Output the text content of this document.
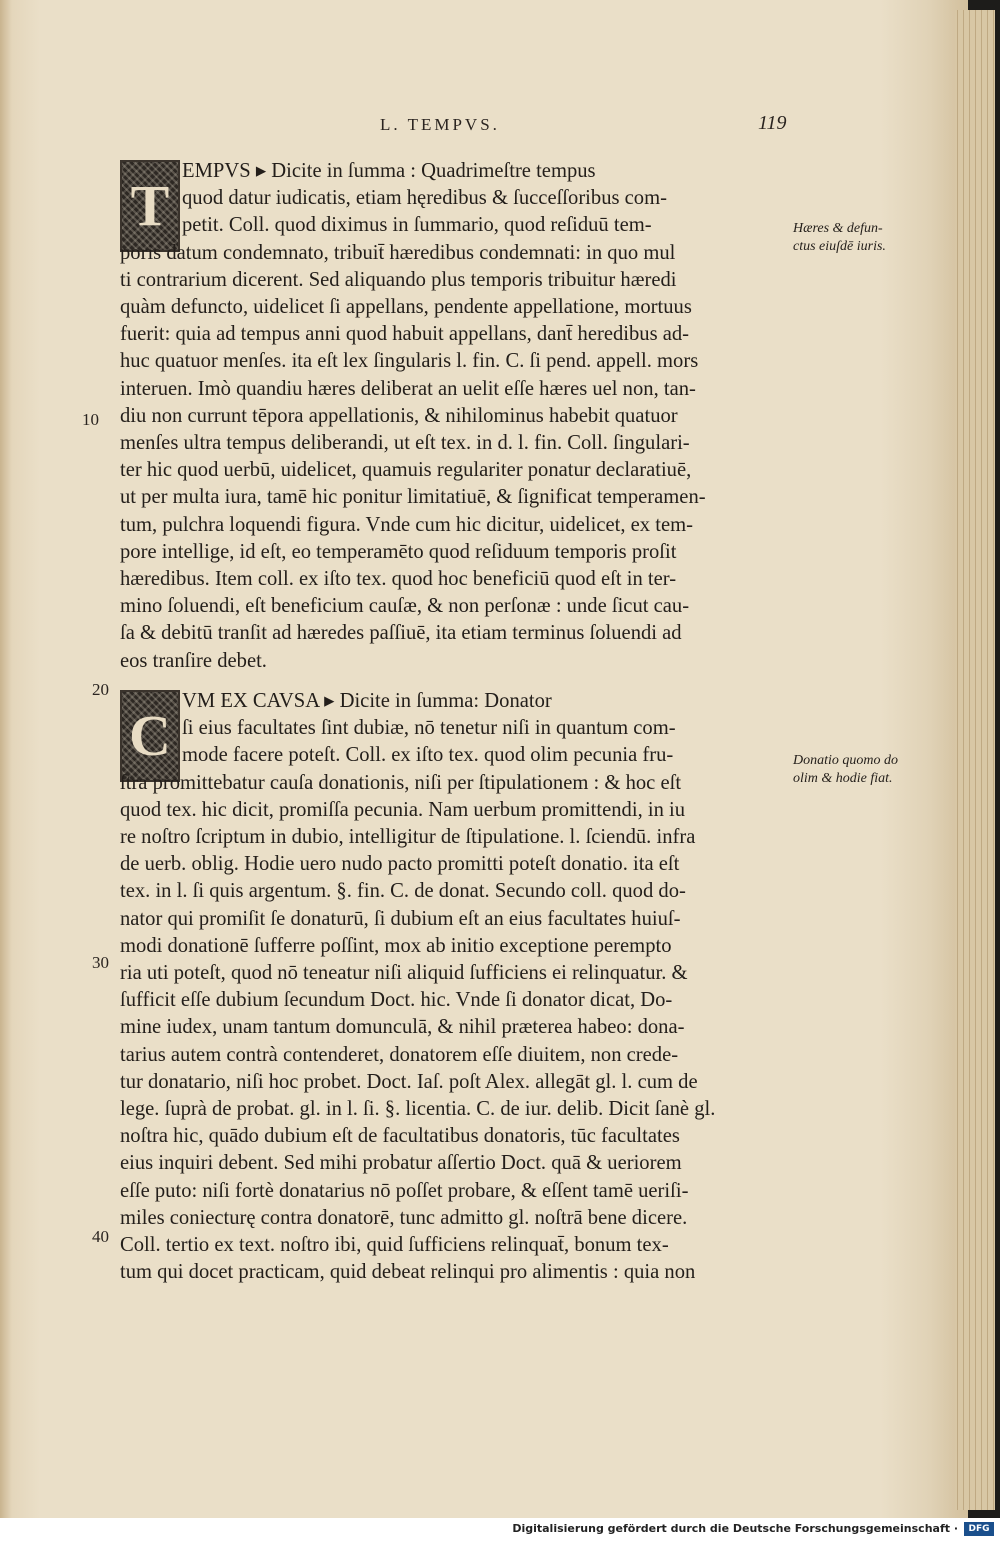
L. TEMPVS.	119
T
EMPVS ▸ Dicite in ſumma : Quadrimeſtre tempus
quod datur iudicatis, etiam hęredibus & ſucceſſoribus com-
petit. Coll. quod diximus in ſummario, quod reſiduū tem-
poris datum condemnato, tribuit̄ hæredibus condemnati: in quo mul
ti contrarium dicerent. Sed aliquando plus temporis tribuitur hæredi
quàm defuncto, uidelicet ſi appellans, pendente appellatione, mortuus
fuerit: quia ad tempus anni quod habuit appellans, dant̄ heredibus ad-
huc quatuor menſes. ita eſt lex ſingularis l. fin. C. ſi pend. appell. mors
interuen. Imò quandiu hæres deliberat an uelit eſſe hæres uel non, tan-
diu non currunt tēpora appellationis, & nihilominus habebit quatuor
menſes ultra tempus deliberandi, ut eſt tex. in d. l. fin. Coll. ſingulari-
ter hic quod uerbū, uidelicet, quamuis regulariter ponatur declaratiuē,
ut per multa iura, tamē hic ponitur limitatiuē, & ſignificat temperamen-
tum, pulchra loquendi figura. Vnde cum hic dicitur, uidelicet, ex tem-
pore intellige, id eſt, eo temperamēto quod reſiduum temporis proſit
hæredibus. Item coll. ex iſto tex. quod hoc beneficiū quod eſt in ter-
mino ſoluendi, eſt beneficium cauſæ, & non perſonæ : unde ſicut cau-
ſa & debitū tranſit ad hæredes paſſiuē, ita etiam terminus ſoluendi ad
eos tranſire debet.
C
VM EX CAVSA ▸ Dicite in ſumma: Donator
ſi eius facultates ſint dubiæ, nō tenetur niſi in quantum com-
mode facere poteſt. Coll. ex iſto tex. quod olim pecunia fru-
ſtra promittebatur cauſa donationis, niſi per ſtipulationem : & hoc eſt
quod tex. hic dicit, promiſſa pecunia. Nam uerbum promittendi, in iu
re noſtro ſcriptum in dubio, intelligitur de ſtipulatione. l. ſciendū. infra
de uerb. oblig. Hodie uero nudo pacto promitti poteſt donatio. ita eſt
tex. in l. ſi quis argentum. §. fin. C. de donat. Secundo coll. quod do-
nator qui promiſit ſe donaturū, ſi dubium eſt an eius facultates huiuſ-
modi donationē ſufferre poſſint, mox ab initio exceptione perempto
ria uti poteſt, quod nō teneatur niſi aliquid ſufficiens ei relinquatur. &
ſufficit eſſe dubium ſecundum Doct. hic. Vnde ſi donator dicat, Do-
mine iudex, unam tantum domunculā, & nihil præterea habeo: dona-
tarius autem contrà contenderet, donatorem eſſe diuitem, non crede-
tur donatario, niſi hoc probet. Doct. Iaſ. poſt Alex. allegāt gl. l. cum de
lege. ſuprà de probat. gl. in l. ſi. §. licentia. C. de iur. delib. Dicit ſanè gl.
noſtra hic, quādo dubium eſt de facultatibus donatoris, tūc facultates
eius inquiri debent. Sed mihi probatur aſſertio Doct. quā & ueriorem
eſſe puto: niſi fortè donatarius nō poſſet probare, & eſſent tamē ueriſi-
miles coniecturę contra donatorē, tunc admitto gl. noſtrā bene dicere.
Coll. tertio ex text. noſtro ibi, quid ſufficiens relinquat̄, bonum tex-
tum qui docet practicam, quid debeat relinqui pro alimentis : quia non
10
20
30
40
Hæres & defun- ctus eiuſdē iuris.
Donatio quomo do olim & hodie fiat.
Digitalisierung gefördert durch die Deutsche Forschungsgemeinschaft ·	DFG
